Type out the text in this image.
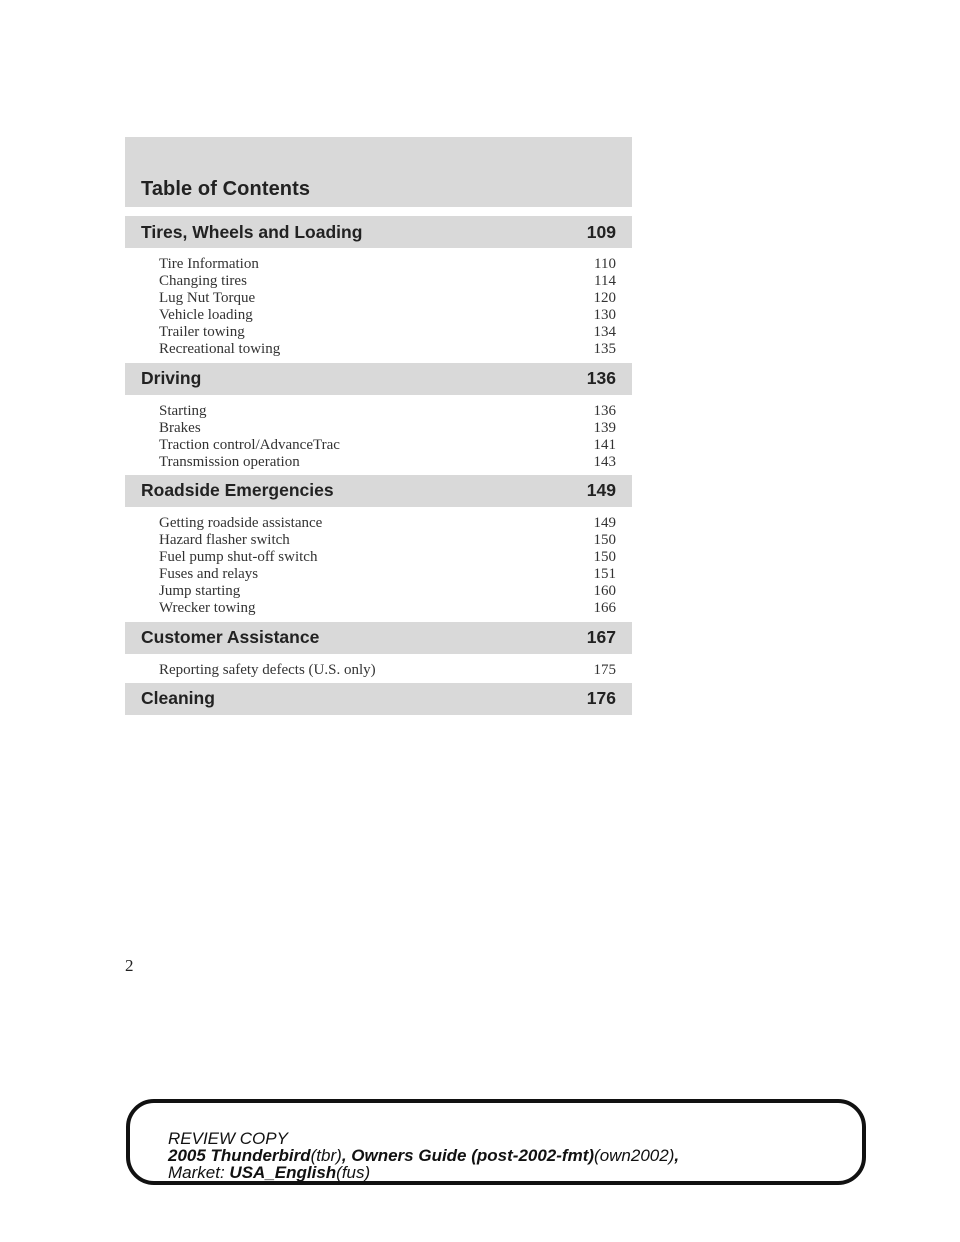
Table of Contents
Tires, Wheels and Loading	109
Tire Information	110
Changing tires	114
Lug Nut Torque	120
Vehicle loading	130
Trailer towing	134
Recreational towing	135
Driving	136
Starting	136
Brakes	139
Traction control/AdvanceTrac	141
Transmission operation	143
Roadside Emergencies	149
Getting roadside assistance	149
Hazard flasher switch	150
Fuel pump shut-off switch	150
Fuses and relays	151
Jump starting	160
Wrecker towing	166
Customer Assistance	167
Reporting safety defects (U.S. only)	175
Cleaning	176
2
REVIEW COPY
2005 Thunderbird(tbr), Owners Guide (post-2002-fmt)(own2002),
Market: USA_English(fus)
